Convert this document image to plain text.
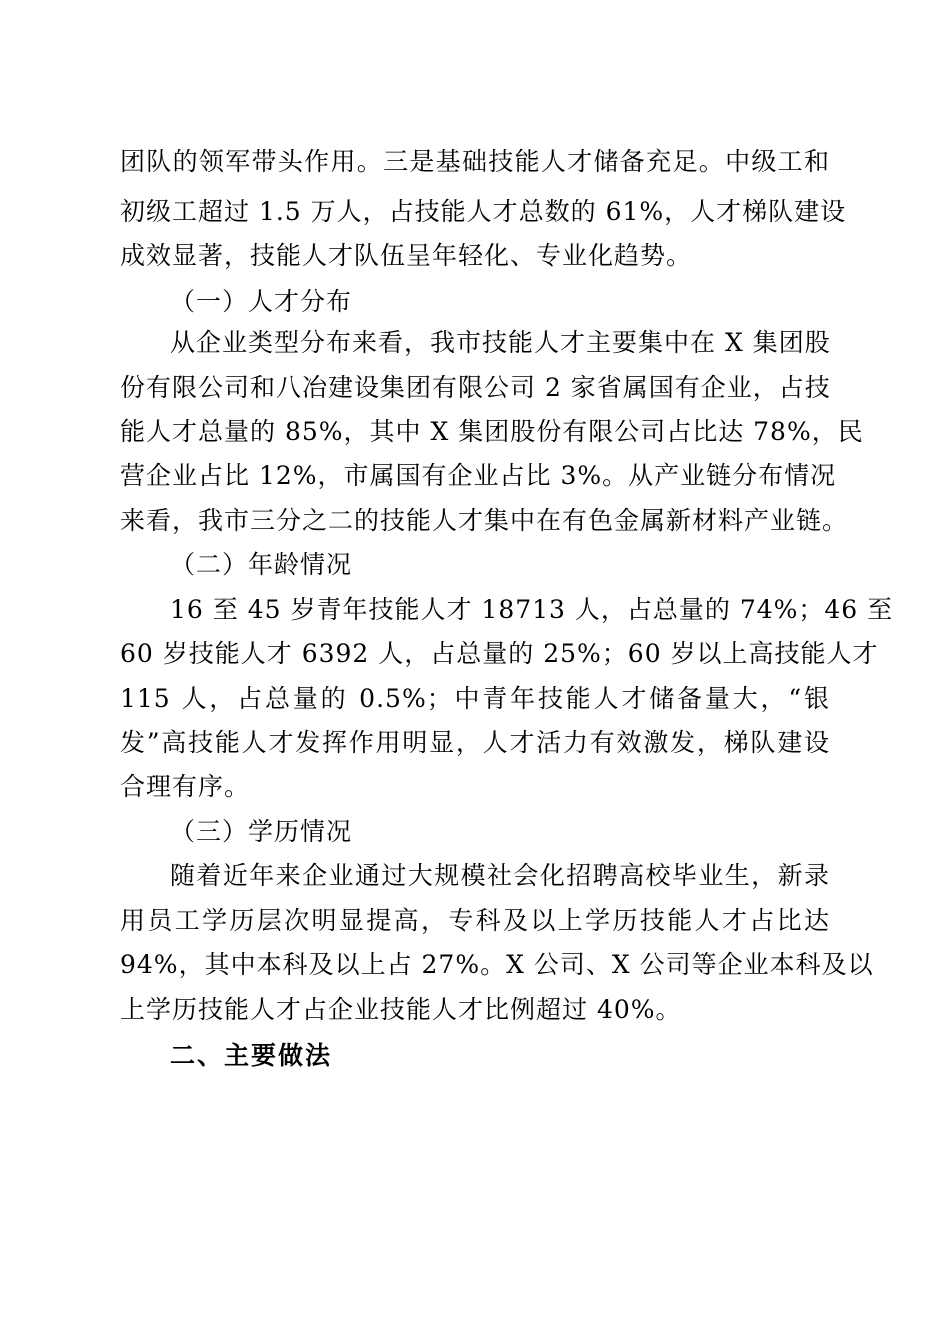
团队的领军带头作用。三是基础技能人才储备充足。中级工和
初级工超过 1.5 万人，占技能人才总数的 61%，人才梯队建设
成效显著，技能人才队伍呈年轻化、专业化趋势。
（一）人才分布
从企业类型分布来看，我市技能人才主要集中在 X 集团股
份有限公司和八冶建设集团有限公司 2 家省属国有企业，占技
能人才总量的 85%，其中 X 集团股份有限公司占比达 78%，民
营企业占比 12%，市属国有企业占比 3%。从产业链分布情况
来看，我市三分之二的技能人才集中在有色金属新材料产业链。
（二）年龄情况
16 至 45 岁青年技能人才 18713 人，占总量的 74%；46 至
60 岁技能人才 6392 人，占总量的 25%；60 岁以上高技能人才
115 人，占总量的 0.5%；中青年技能人才储备量大，“银
发”高技能人才发挥作用明显，人才活力有效激发，梯队建设
合理有序。
（三）学历情况
随着近年来企业通过大规模社会化招聘高校毕业生，新录
用员工学历层次明显提高，专科及以上学历技能人才占比达
94%，其中本科及以上占 27%。X 公司、X 公司等企业本科及以
上学历技能人才占企业技能人才比例超过 40%。
二、主要做法
